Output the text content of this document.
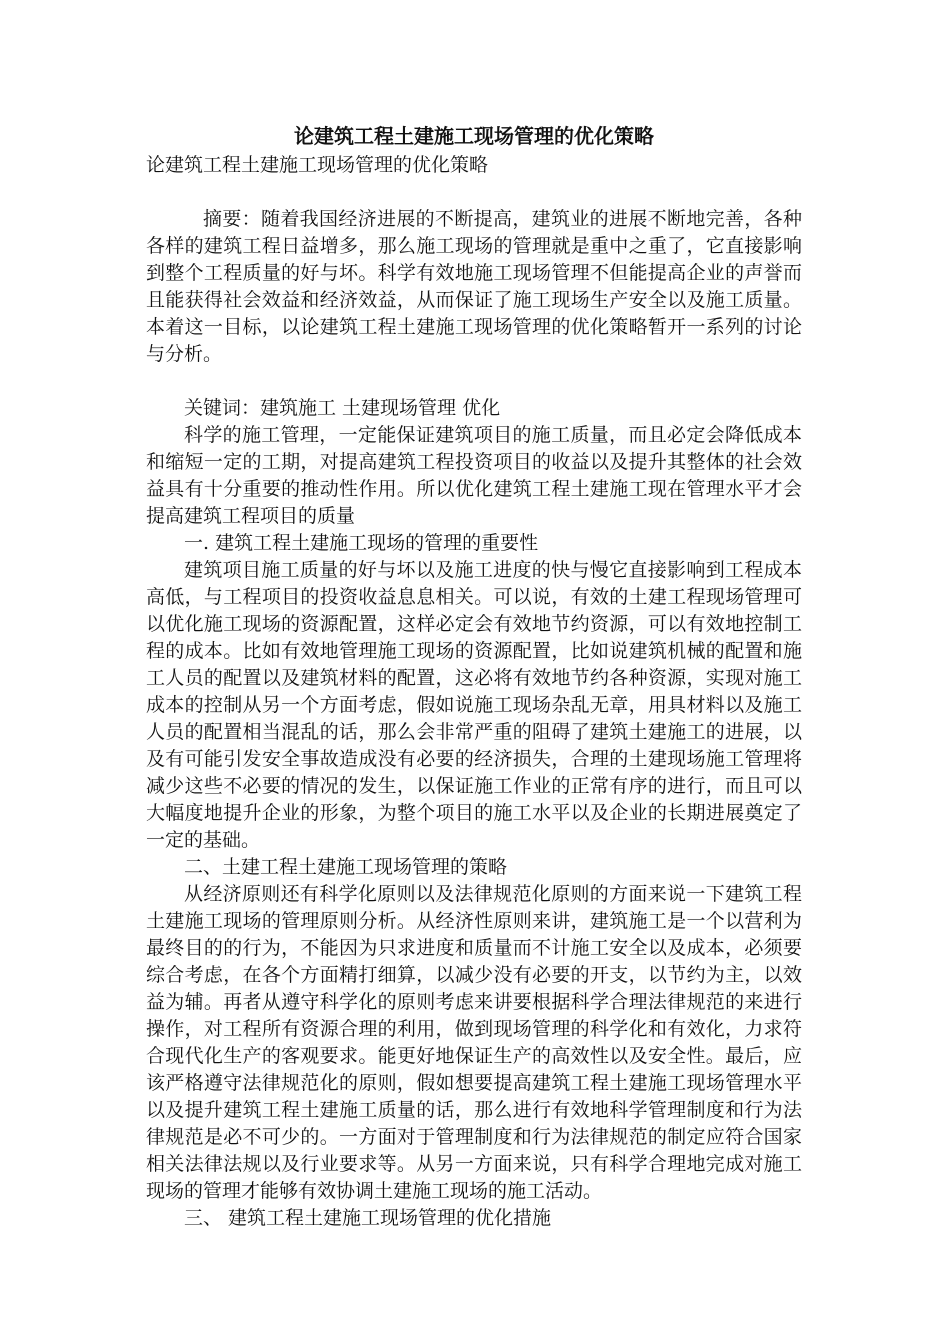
论建筑工程土建施工现场管理的优化策略

论建筑工程土建施工现场管理的优化策略

摘要：随着我国经济进展的不断提高，建筑业的进展不断地完善，各种各样的建筑工程日益增多，那么施工现场的管理就是重中之重了，它直接影响到整个工程质量的好与坏。科学有效地施工现场管理不但能提高企业的声誉而且能获得社会效益和经济效益，从而保证了施工现场生产安全以及施工质量。本着这一目标，以论建筑工程土建施工现场管理的优化策略暂开一系列的讨论与分析。

关键词：建筑施工 土建现场管理 优化

科学的施工管理，一定能保证建筑项目的施工质量，而且必定会降低成本和缩短一定的工期，对提高建筑工程投资项目的收益以及提升其整体的社会效益具有十分重要的推动性作用。所以优化建筑工程土建施工现在管理水平才会提高建筑工程项目的质量

一. 建筑工程土建施工现场的管理的重要性

建筑项目施工质量的好与坏以及施工进度的快与慢它直接影响到工程成本高低，与工程项目的投资收益息息相关。可以说，有效的土建工程现场管理可以优化施工现场的资源配置，这样必定会有效地节约资源，可以有效地控制工程的成本。比如有效地管理施工现场的资源配置，比如说建筑机械的配置和施工人员的配置以及建筑材料的配置，这必将有效地节约各种资源，实现对施工成本的控制从另一个方面考虑，假如说施工现场杂乱无章，用具材料以及施工人员的配置相当混乱的话，那么会非常严重的阻碍了建筑土建施工的进展，以及有可能引发安全事故造成没有必要的经济损失，合理的土建现场施工管理将减少这些不必要的情况的发生，以保证施工作业的正常有序的进行，而且可以大幅度地提升企业的形象，为整个项目的施工水平以及企业的长期进展奠定了一定的基础。

二、土建工程土建施工现场管理的策略

从经济原则还有科学化原则以及法律规范化原则的方面来说一下建筑工程土建施工现场的管理原则分析。从经济性原则来讲，建筑施工是一个以营利为最终目的的行为，不能因为只求进度和质量而不计施工安全以及成本，必须要综合考虑，在各个方面精打细算，以减少没有必要的开支，以节约为主，以效益为辅。再者从遵守科学化的原则考虑来讲要根据科学合理法律规范的来进行操作，对工程所有资源合理的利用，做到现场管理的科学化和有效化，力求符合现代化生产的客观要求。能更好地保证生产的高效性以及安全性。最后，应该严格遵守法律规范化的原则，假如想要提高建筑工程土建施工现场管理水平以及提升建筑工程土建施工质量的话，那么进行有效地科学管理制度和行为法律规范是必不可少的。一方面对于管理制度和行为法律规范的制定应符合国家相关法律法规以及行业要求等。从另一方面来说，只有科学合理地完成对施工现场的管理才能够有效协调土建施工现场的施工活动。

三、 建筑工程土建施工现场管理的优化措施
